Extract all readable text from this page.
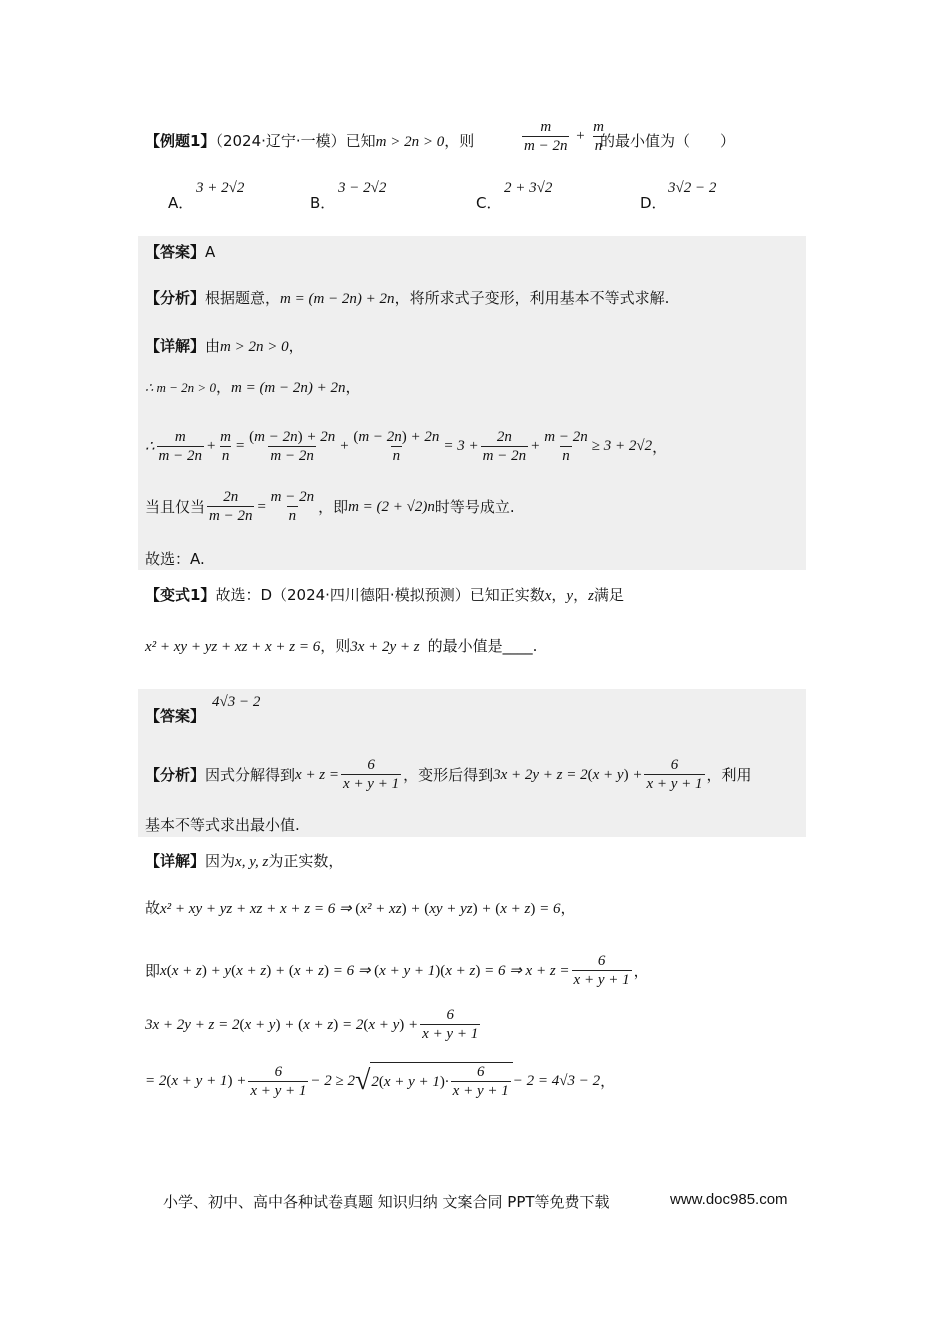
【例题1】（2024·辽宁·一模）已知m > 2n > 0，则	$\frac{m}{m - 2n} + \frac{m}{n}$
的最小值为（　　）
A．
3 + 2√2
B．
3 − 2√2
C．
2 + 3√2
D．
3√2 − 2
【答案】A
【分析】根据题意，m = (m − 2n) + 2n，将所求式子变形，利用基本不等式求解.
【详解】由m > 2n > 0，
∴ m − 2n > 0，m = (m − 2n) + 2n，
∴ $\frac{m}{m - 2n} + \frac{m}{n} = \frac{(m - 2n) + 2n}{m - 2n} + \frac{(m - 2n) + 2n}{n} = 3 + \frac{2n}{m - 2n} + \frac{m - 2n}{n} \ge 3 + 2√2$ ，
当且仅当 $\frac{2n}{m - 2n} = \frac{m - 2n}{n}$ ，即 m = (2 + √2)n 时等号成立.
故选：A.
【变式1】故选：D（2024·四川德阳·模拟预测）已知正实数x，y，z满足
x² + xy + yz + xz + x + z = 6，则3x + 2y + z 的最小值是____.
【答案】
4√3 − 2
【分析】 因式分解得到 $x + z = \frac{6}{x + y + 1}$ ，变形后得到 $3x + 2y + z = 2(x + y) + \frac{6}{x + y + 1}$ ，利用
基本不等式求出最小值.
【详解】因为x, y, z为正实数，
故x² + xy + yz + xz + x + z = 6 ⇒ (x² + xz) + (xy + yz) + (x + z) = 6，
即 x(x + z) + y(x + z) + (x + z) = 6 ⇒ (x + y + 1)(x + z) = 6 ⇒ $x + z = \frac{6}{x + y + 1}$ ，
$3x + 2y + z = 2(x + y) + (x + z) = 2(x + y) + \frac{6}{x + y + 1}$
= $2(x + y + 1) + \frac{6}{x + y + 1} - 2 \ge 2$ √ 2 ( x + y + 1 ) · $\frac{6}{x + y + 1} - 2 = 4√3 - 2$ ，
小学、初中、高中各种试卷真题 知识归纳 文案合同 PPT等免费下载	www.doc985.com
